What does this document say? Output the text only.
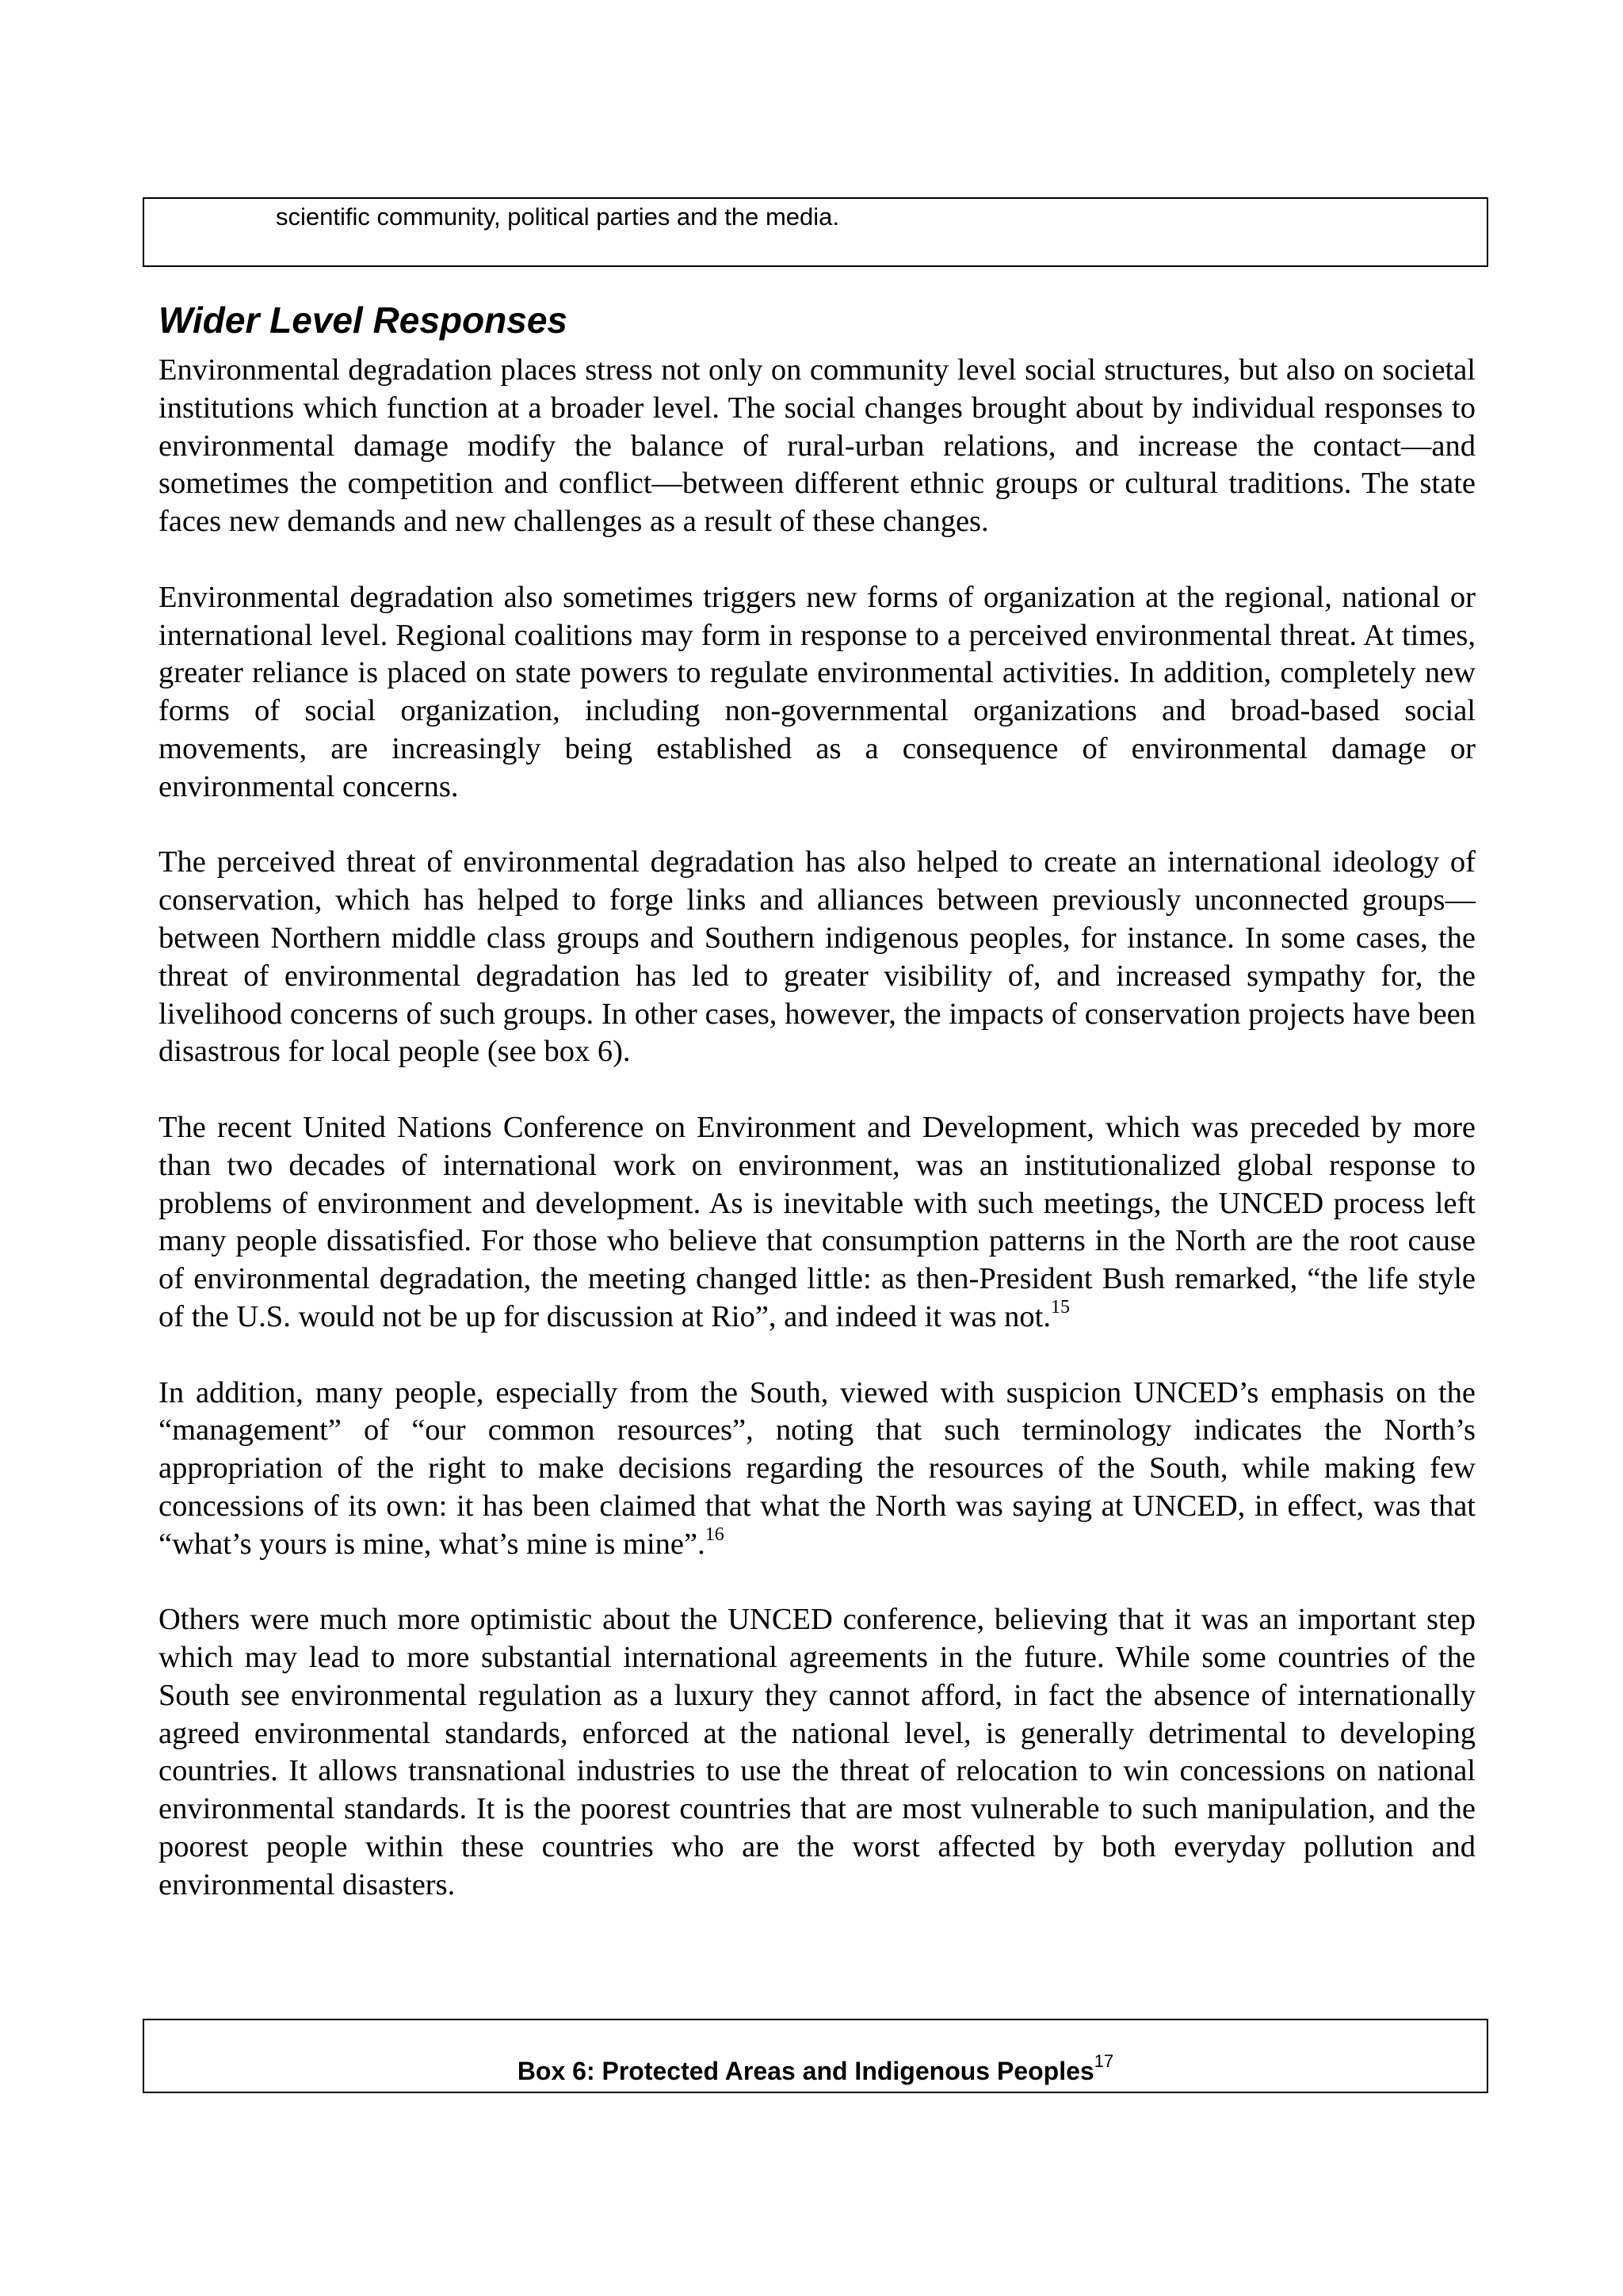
scientific community, political parties and the media.
Wider Level Responses

Environmental degradation places stress not only on community level social structures, but also on societal institutions which function at a broader level. The social changes brought about by individual responses to environmental damage modify the balance of rural-urban relations, and increase the contact—and sometimes the competition and conflict—between different ethnic groups or cultural traditions. The state faces new demands and new challenges as a result of these changes.

Environmental degradation also sometimes triggers new forms of organization at the regional, national or international level. Regional coalitions may form in response to a perceived environmental threat. At times, greater reliance is placed on state powers to regulate environmental activities. In addition, completely new forms of social organization, including non-governmental organizations and broad-based social movements, are increasingly being established as a consequence of environmental damage or environmental concerns.

The perceived threat of environmental degradation has also helped to create an international ideology of conservation, which has helped to forge links and alliances between previously unconnected groups—between Northern middle class groups and Southern indigenous peoples, for instance. In some cases, the threat of environmental degradation has led to greater visibility of, and increased sympathy for, the livelihood concerns of such groups. In other cases, however, the impacts of conservation projects have been disastrous for local people (see box 6).

The recent United Nations Conference on Environment and Development, which was preceded by more than two decades of international work on environment, was an institutionalized global response to problems of environment and development. As is inevitable with such meetings, the UNCED process left many people dissatisfied. For those who believe that consumption patterns in the North are the root cause of environmental degradation, the meeting changed little: as then-President Bush remarked, “the life style of the U.S. would not be up for discussion at Rio”, and indeed it was not.$^{15}$

In addition, many people, especially from the South, viewed with suspicion UNCED’s emphasis on the “management” of “our common resources”, noting that such terminology indicates the North’s appropriation of the right to make decisions regarding the resources of the South, while making few concessions of its own: it has been claimed that what the North was saying at UNCED, in effect, was that “what’s yours is mine, what’s mine is mine”.$^{16}$

Others were much more optimistic about the UNCED conference, believing that it was an important step which may lead to more substantial international agreements in the future. While some countries of the South see environmental regulation as a luxury they cannot afford, in fact the absence of internationally agreed environmental standards, enforced at the national level, is generally detrimental to developing countries. It allows transnational industries to use the threat of relocation to win concessions on national environmental standards. It is the poorest countries that are most vulnerable to such manipulation, and the poorest people within these countries who are the worst affected by both everyday pollution and environmental disasters.

Box 6: Protected Areas and Indigenous Peoples$^{17}$
